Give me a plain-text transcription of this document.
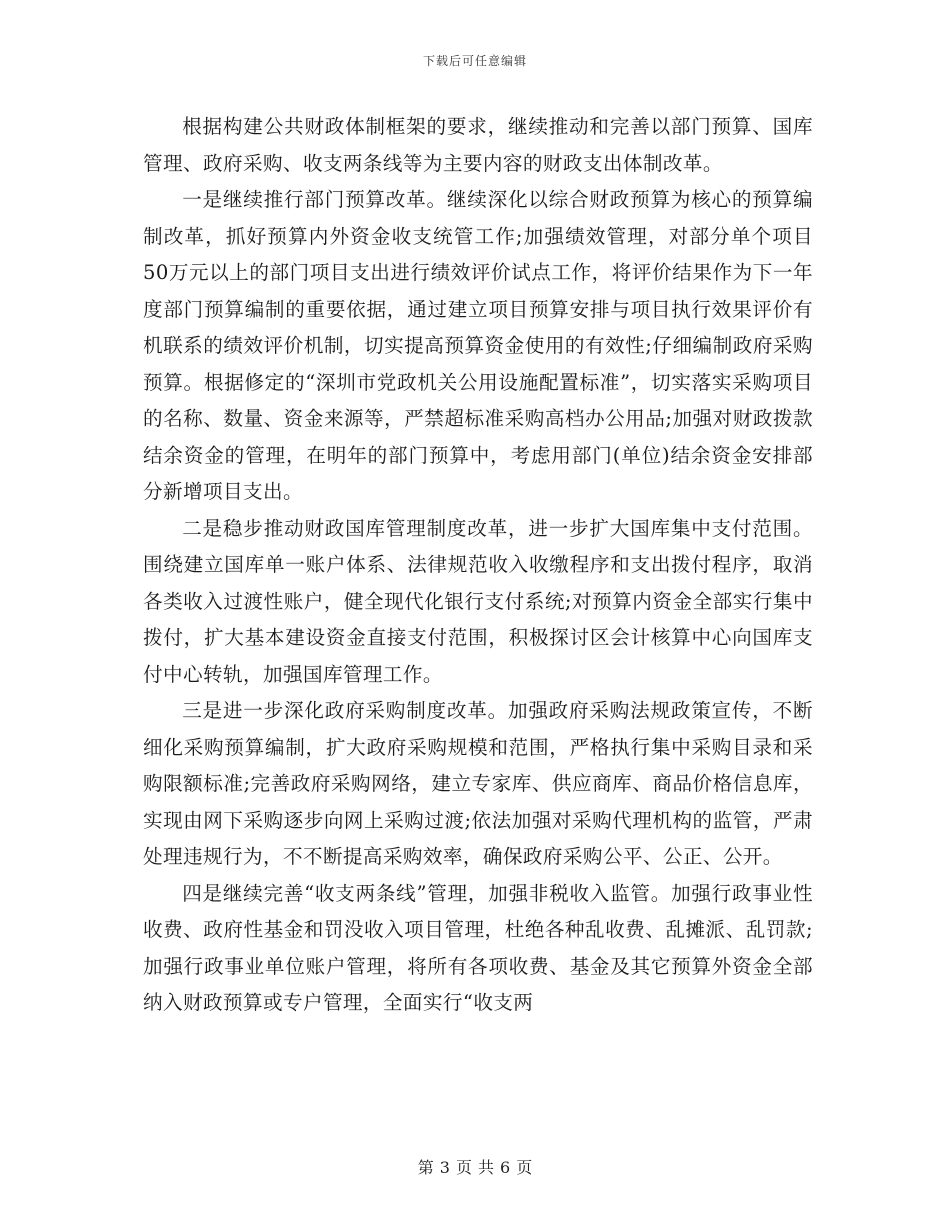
下载后可任意编辑

根据构建公共财政体制框架的要求，继续推动和完善以部门预算、国库管理、政府采购、收支两条线等为主要内容的财政支出体制改革。

一是继续推行部门预算改革。继续深化以综合财政预算为核心的预算编制改革，抓好预算内外资金收支统管工作;加强绩效管理，对部分单个项目50万元以上的部门项目支出进行绩效评价试点工作，将评价结果作为下一年度部门预算编制的重要依据，通过建立项目预算安排与项目执行效果评价有机联系的绩效评价机制，切实提高预算资金使用的有效性;仔细编制政府采购预算。根据修定的“深圳市党政机关公用设施配置标准”，切实落实采购项目的名称、数量、资金来源等，严禁超标准采购高档办公用品;加强对财政拨款结余资金的管理，在明年的部门预算中，考虑用部门(单位)结余资金安排部分新增项目支出。

二是稳步推动财政国库管理制度改革，进一步扩大国库集中支付范围。围绕建立国库单一账户体系、法律规范收入收缴程序和支出拨付程序，取消各类收入过渡性账户，健全现代化银行支付系统;对预算内资金全部实行集中拨付，扩大基本建设资金直接支付范围，积极探讨区会计核算中心向国库支付中心转轨，加强国库管理工作。

三是进一步深化政府采购制度改革。加强政府采购法规政策宣传，不断细化采购预算编制，扩大政府采购规模和范围，严格执行集中采购目录和采购限额标准;完善政府采购网络，建立专家库、供应商库、商品价格信息库，实现由网下采购逐步向网上采购过渡;依法加强对采购代理机构的监管，严肃处理违规行为，不不断提高采购效率，确保政府采购公平、公正、公开。

四是继续完善“收支两条线”管理，加强非税收入监管。加强行政事业性收费、政府性基金和罚没收入项目管理，杜绝各种乱收费、乱摊派、乱罚款;加强行政事业单位账户管理，将所有各项收费、基金及其它预算外资金全部纳入财政预算或专户管理，全面实行“收支两

第 3 页 共 6 页
